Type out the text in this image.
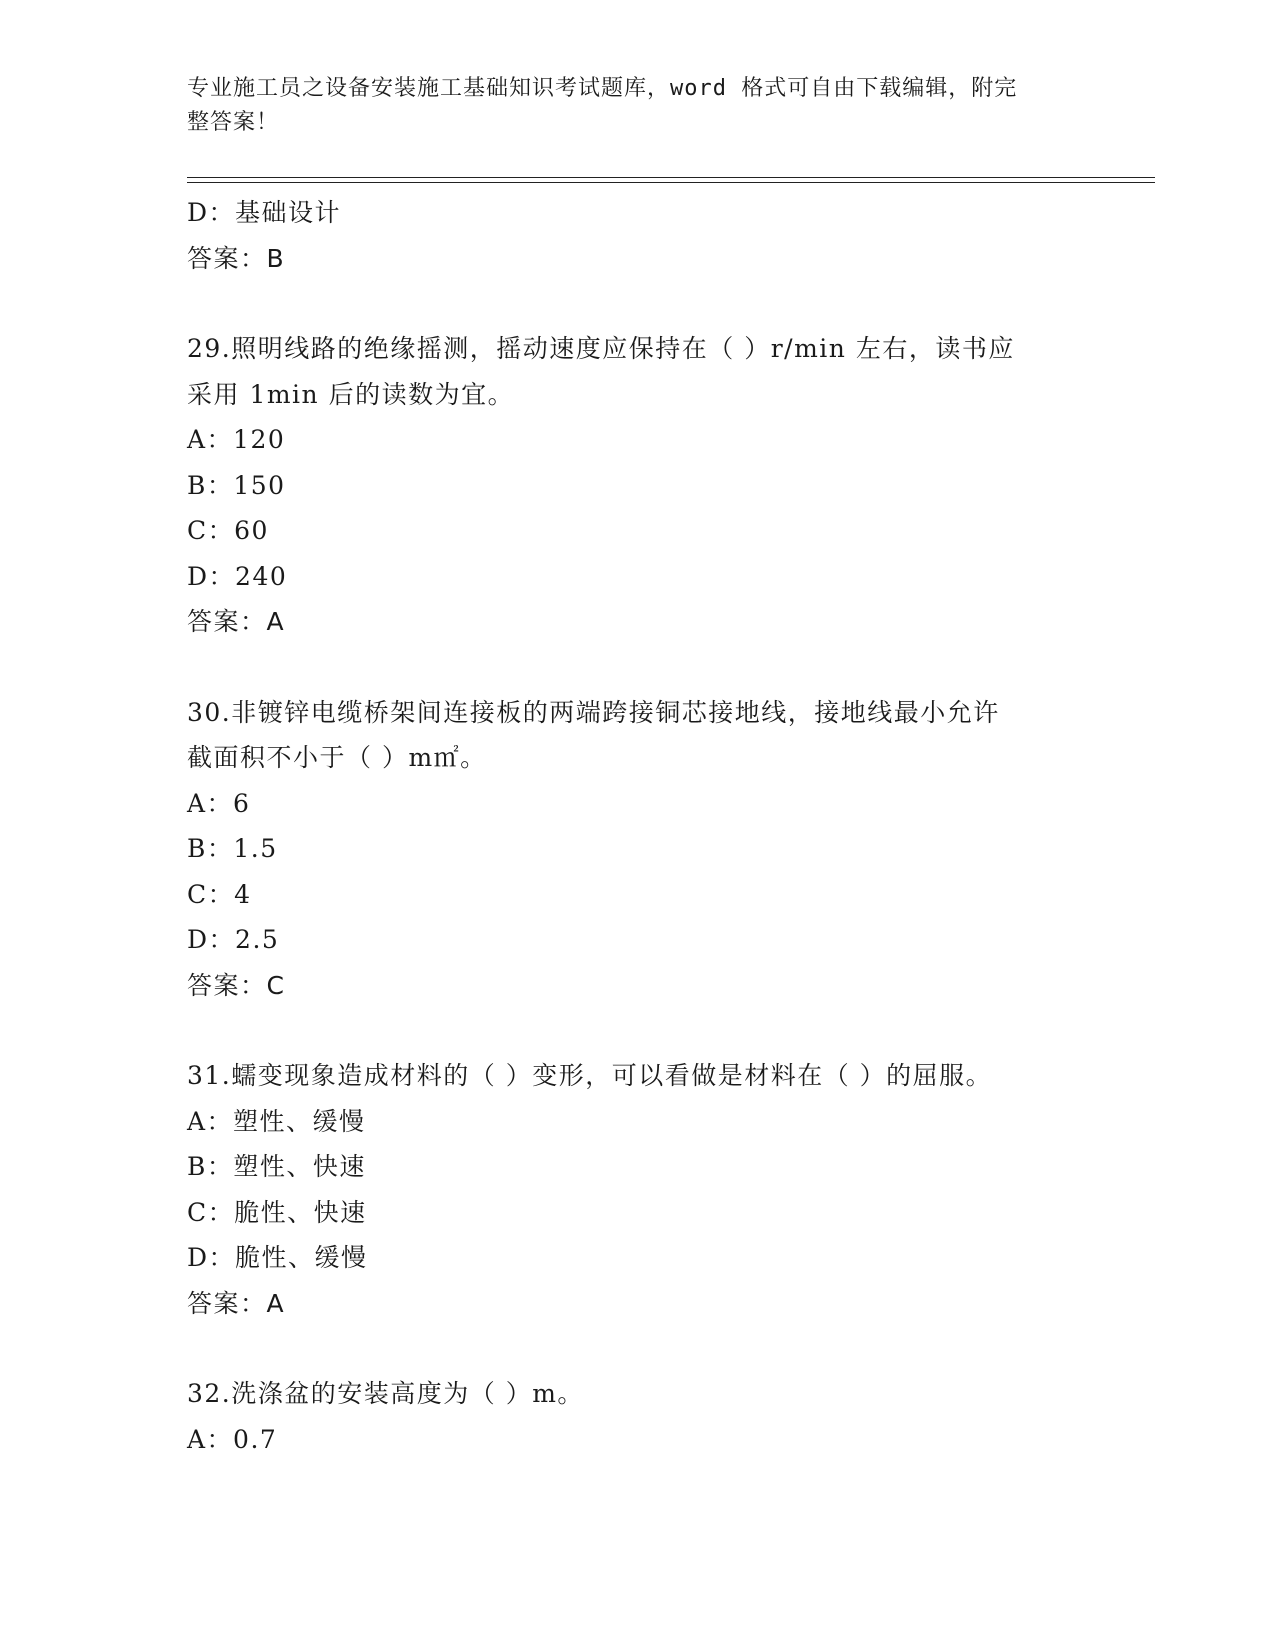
专业施工员之设备安装施工基础知识考试题库，word 格式可自由下载编辑，附完
整答案！
D：基础设计
答案：B
29.照明线路的绝缘摇测，摇动速度应保持在（ ）r/min 左右，读书应
采用 1min 后的读数为宜。
A：120
B：150
C：60
D：240
答案：A
30.非镀锌电缆桥架间连接板的两端跨接铜芯接地线，接地线最小允许
截面积不小于（ ）m㎡。
A：6
B：1.5
C：4
D：2.5
答案：C
31.蠕变现象造成材料的（ ）变形，可以看做是材料在（ ）的屈服。
A：塑性、缓慢
B：塑性、快速
C：脆性、快速
D：脆性、缓慢
答案：A
32.洗涤盆的安装高度为（ ）m。
A：0.7
